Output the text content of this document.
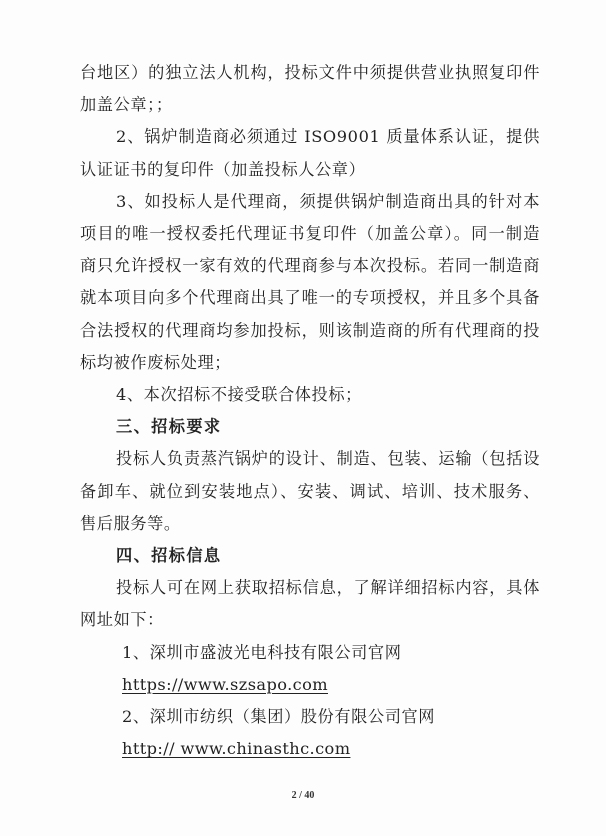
台地区）的独立法人机构，投标文件中须提供营业执照复印件加盖公章；；

2、锅炉制造商必须通过 ISO9001 质量体系认证，提供认证证书的复印件（加盖投标人公章）

3、如投标人是代理商，须提供锅炉制造商出具的针对本项目的唯一授权委托代理证书复印件（加盖公章）。同一制造商只允许授权一家有效的代理商参与本次投标。若同一制造商就本项目向多个代理商出具了唯一的专项授权，并且多个具备合法授权的代理商均参加投标，则该制造商的所有代理商的投标均被作废标处理；

4、本次招标不接受联合体投标；

三、招标要求

投标人负责蒸汽锅炉的设计、制造、包装、运输（包括设备卸车、就位到安装地点）、安装、调试、培训、技术服务、售后服务等。

四、招标信息

投标人可在网上获取招标信息，了解详细招标内容，具体网址如下：

1、深圳市盛波光电科技有限公司官网

https://www.szsapo.com

2、深圳市纺织（集团）股份有限公司官网

http:// www.chinasthc.com

2 / 40
